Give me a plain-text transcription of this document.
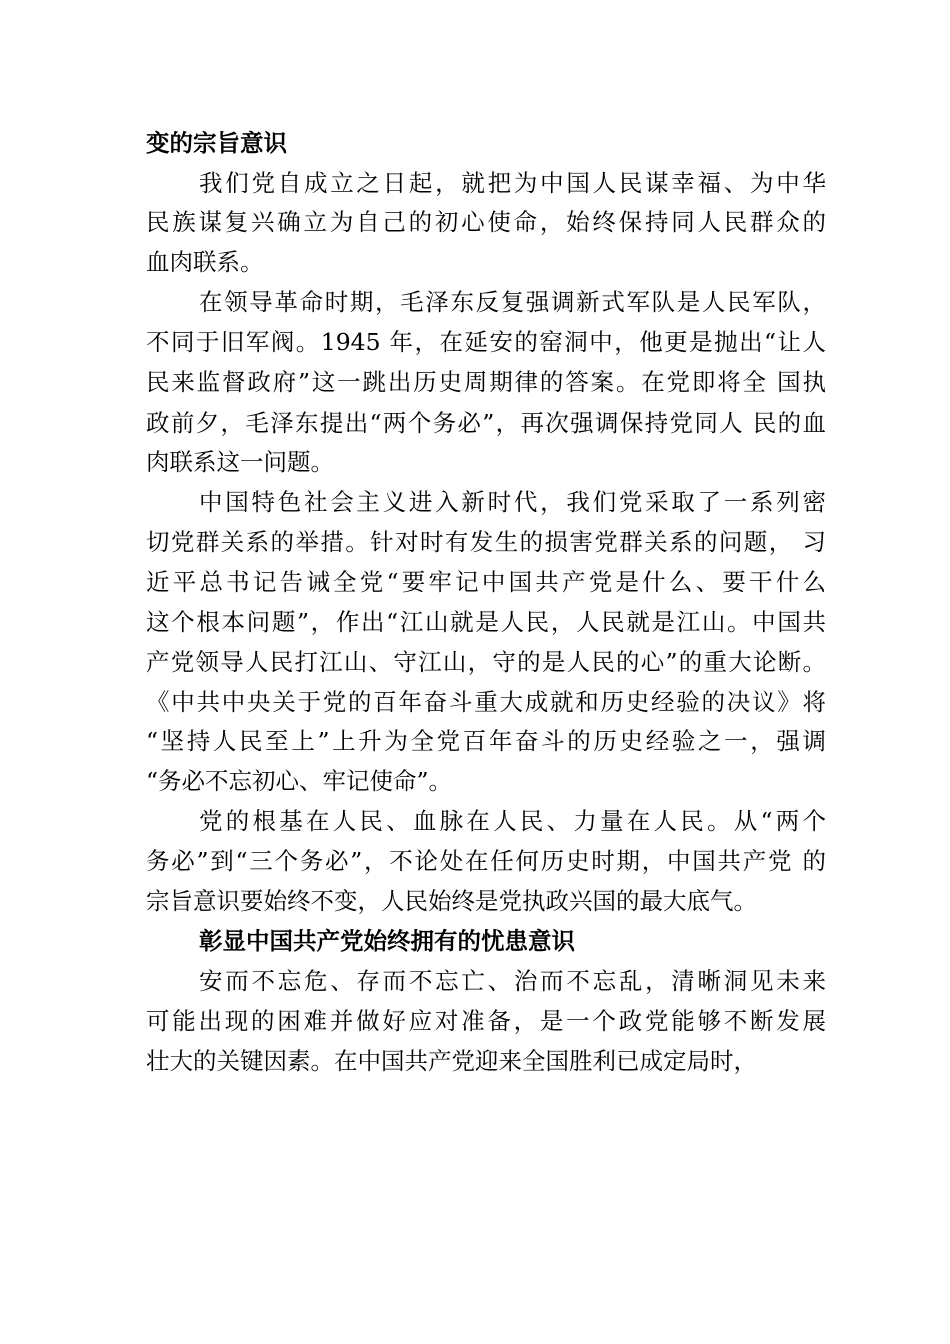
变的宗旨意识
我们党自成立之日起，就把为中国人民谋幸福、为中华
民族谋复兴确立为自己的初心使命，始终保持同人民群众的
血肉联系。
在领导革命时期，毛泽东反复强调新式军队是人民军队，
不同于旧军阀。1945 年，在延安的窑洞中，他更是抛出“让人
民来监督政府”这一跳出历史周期律的答案。在党即将全 国执
政前夕，毛泽东提出“两个务必”，再次强调保持党同人 民的血
肉联系这一问题。
中国特色社会主义进入新时代，我们党采取了一系列密
切党群关系的举措。针对时有发生的损害党群关系的问题， 习
近平总书记告诫全党“要牢记中国共产党是什么、要干什么
这个根本问题”，作出“江山就是人民，人民就是江山。中国共
产党领导人民打江山、守江山，守的是人民的心”的重大论断。
《中共中央关于党的百年奋斗重大成就和历史经验的决议》将
“坚持人民至上”上升为全党百年奋斗的历史经验之一，强调
“务必不忘初心、牢记使命”。
党的根基在人民、血脉在人民、力量在人民。从“两个
务必”到“三个务必”，不论处在任何历史时期，中国共产党 的
宗旨意识要始终不变，人民始终是党执政兴国的最大底气。
彰显中国共产党始终拥有的忧患意识
安而不忘危、存而不忘亡、治而不忘乱，清晰洞见未来
可能出现的困难并做好应对准备，是一个政党能够不断发展
壮大的关键因素。在中国共产党迎来全国胜利已成定局时，
